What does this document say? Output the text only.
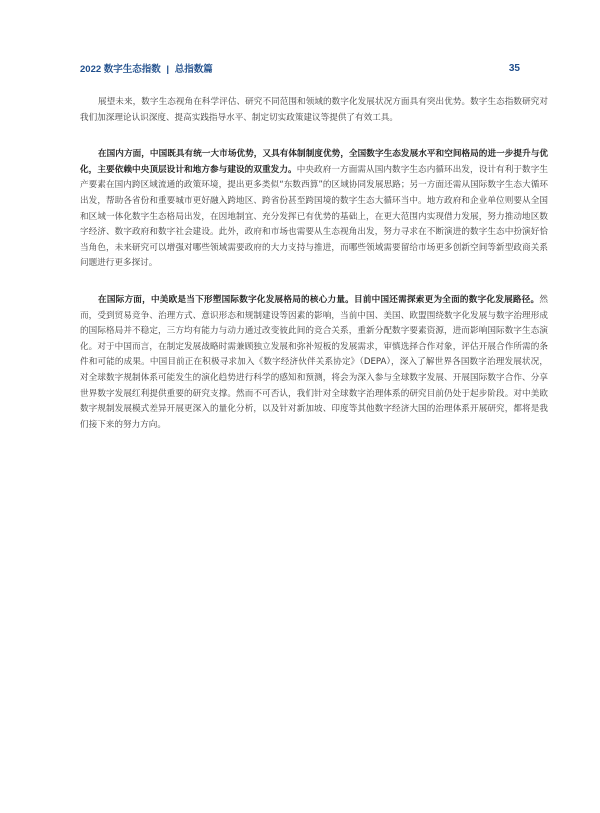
2022 数字生态指数 | 总指数篇	35

展望未来，数字生态视角在科学评估、研究不同范围和领域的数字化发展状况方面具有突出优势。数字生态指数研究对我们加深理论认识深度、提高实践指导水平、制定切实政策建议等提供了有效工具。

在国内方面，中国既具有统一大市场优势，又具有体制制度优势，全国数字生态发展水平和空间格局的进一步提升与优化，主要依赖中央顶层设计和地方参与建设的双重发力。中央政府一方面需从国内数字生态内循环出发，设计有利于数字生产要素在国内跨区域流通的政策环境，提出更多类似“东数西算”的区域协同发展思路；另一方面还需从国际数字生态大循环出发，帮助各省份和重要城市更好融入跨地区、跨省份甚至跨国境的数字生态大循环当中。地方政府和企业单位则要从全国和区域一体化数字生态格局出发，在因地制宜、充分发挥已有优势的基础上，在更大范围内实现借力发展，努力推动地区数字经济、数字政府和数字社会建设。此外，政府和市场也需要从生态视角出发，努力寻求在不断演进的数字生态中扮演好恰当角色，未来研究可以增强对哪些领域需要政府的大力支持与推进，而哪些领域需要留给市场更多创新空间等新型政商关系问题进行更多探讨。

在国际方面，中美欧是当下形塑国际数字化发展格局的核心力量。目前中国还需探索更为全面的数字化发展路径。然而，受到贸易竞争、治理方式、意识形态和规制建设等因素的影响，当前中国、美国、欧盟围绕数字化发展与数字治理形成的国际格局并不稳定，三方均有能力与动力通过改变彼此间的竞合关系，重新分配数字要素资源，进而影响国际数字生态演化。对于中国而言，在制定发展战略时需兼顾独立发展和弥补短板的发展需求，审慎选择合作对象，评估开展合作所需的条件和可能的成果。中国目前正在积极寻求加入《数字经济伙伴关系协定》（DEPA），深入了解世界各国数字治理发展状况，对全球数字规制体系可能发生的演化趋势进行科学的感知和预测，将会为深入参与全球数字发展、开展国际数字合作、分享世界数字发展红利提供重要的研究支撑。然而不可否认，我们针对全球数字治理体系的研究目前仍处于起步阶段。对中美欧数字规制发展模式差异开展更深入的量化分析，以及针对新加坡、印度等其他数字经济大国的治理体系开展研究，都将是我们接下来的努力方向。
